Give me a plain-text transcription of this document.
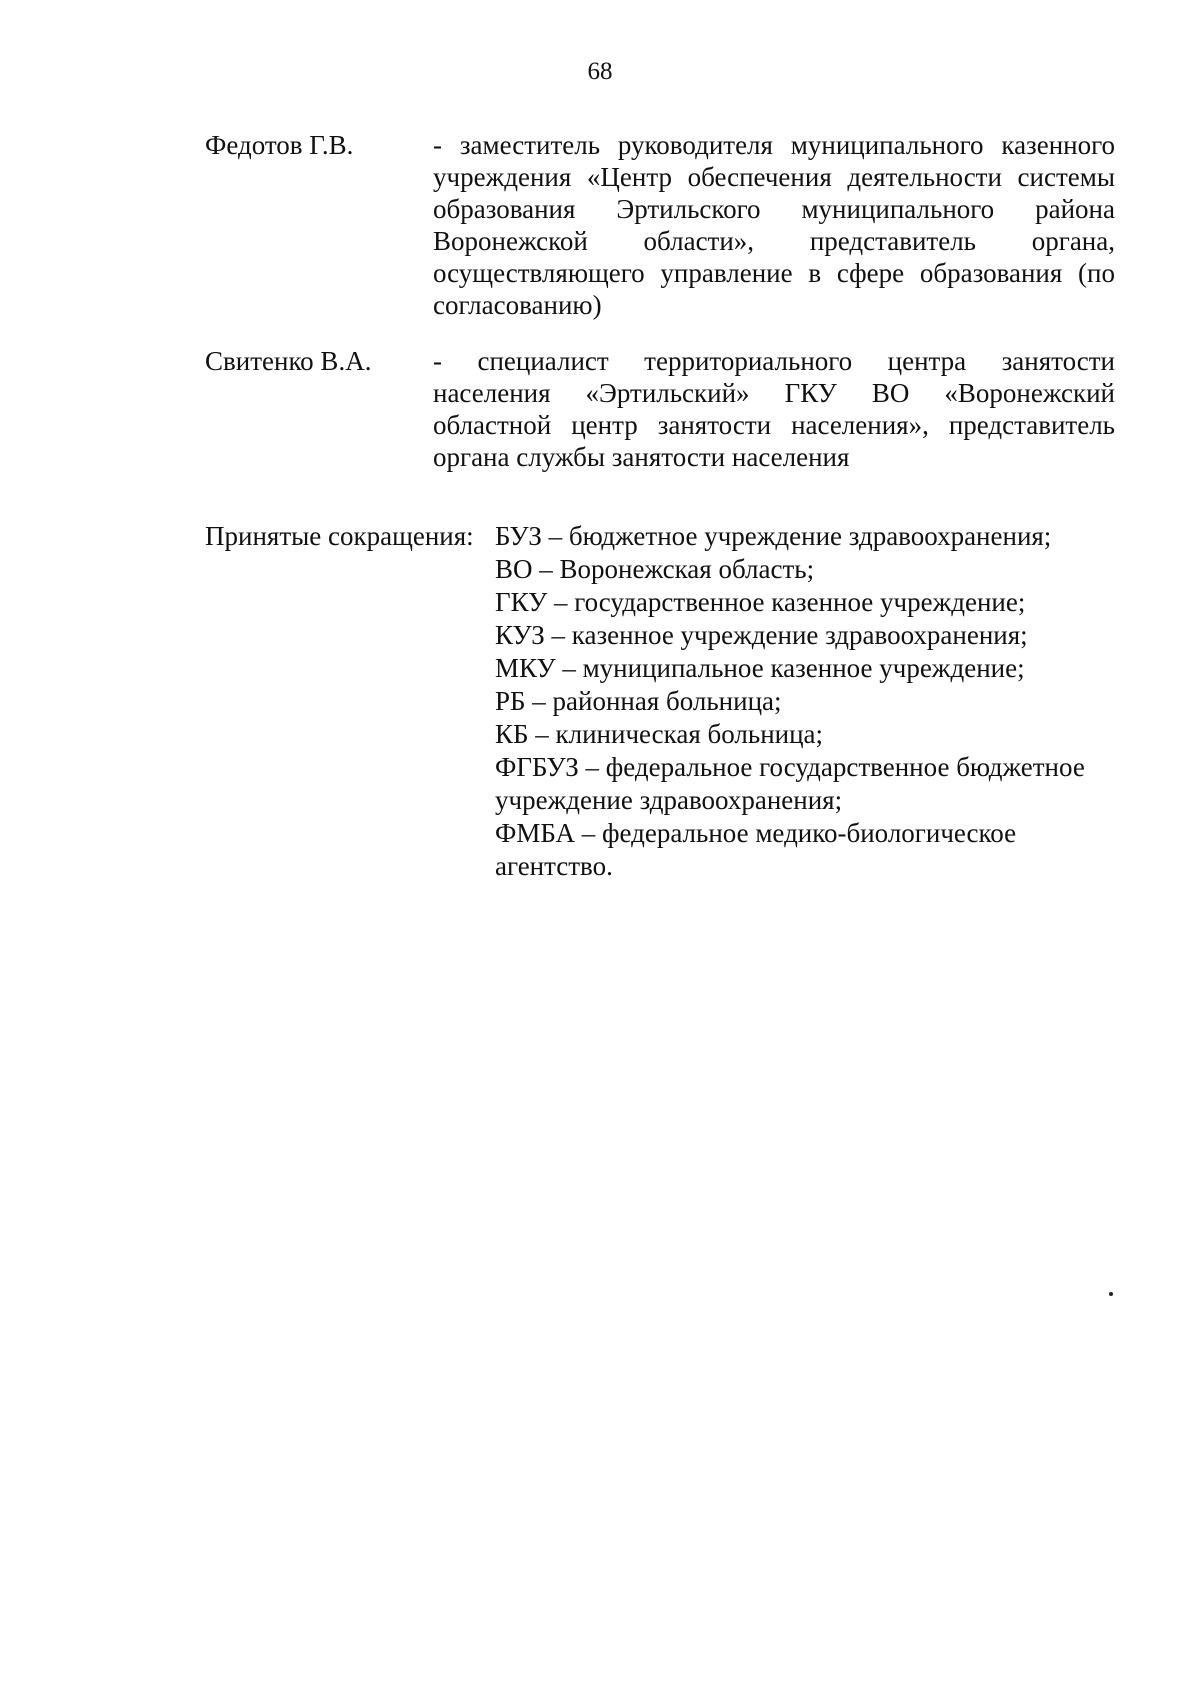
68
Федотов Г.В.	- заместитель руководителя муниципального казенного учреждения «Центр обеспечения деятельности системы образования Эртильского муниципального района Воронежской области», представитель органа, осуществляющего управление в сфере образования (по согласованию)
Свитенко В.А. - специалист территориального центра занятости населения «Эртильский» ГКУ ВО «Воронежский областной центр занятости населения», представитель органа службы занятости населения
Принятые сокращения: БУЗ – бюджетное учреждение здравоохранения;
ВО – Воронежская область;
ГКУ – государственное казенное учреждение;
КУЗ – казенное учреждение здравоохранения;
МКУ – муниципальное казенное учреждение;
РБ – районная больница;
КБ – клиническая больница;
ФГБУЗ – федеральное государственное бюджетное учреждение здравоохранения;
ФМБА – федеральное медико-биологическое агентство.
